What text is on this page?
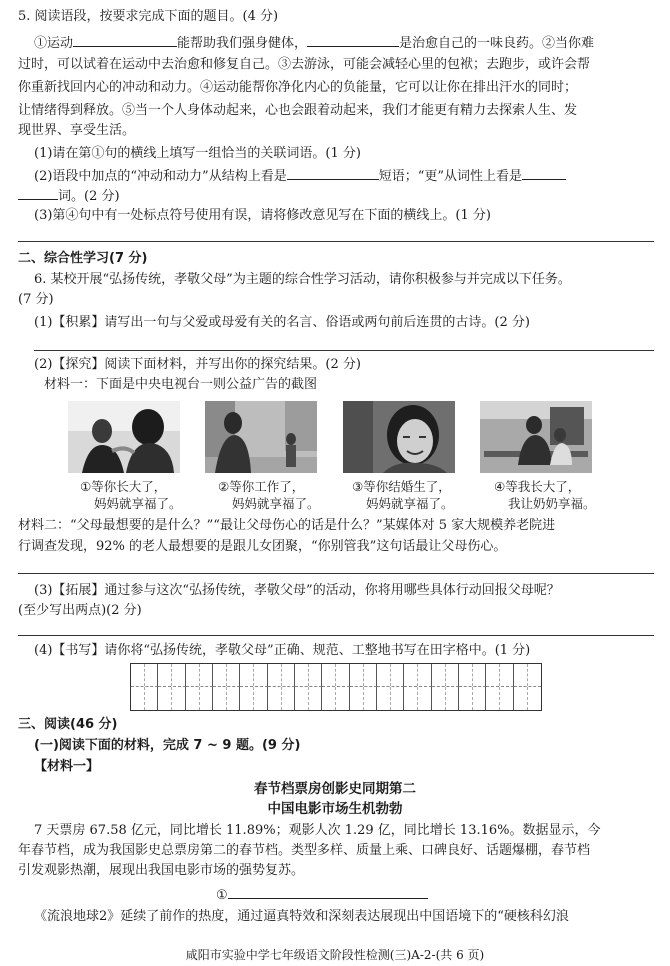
5. 阅读语段，按要求完成下面的题目。(4 分)
①运动	能帮助我们强身健体，	是治愈自己的一味良药。②当你难
过时，可以试着在运动中去治愈和修复自己。③去游泳，可能会减轻心里的包袱；去跑步，或许会帮
你重新找回内心的冲动和动力。④运动能帮你净化内心的负能量，它可以让你在排出汗水的同时；
让情绪得到释放。⑤当一个人身体动起来，心也会跟着动起来，我们才能更有精力去探索人生、发
现世界、享受生活。
(1)请在第①句的横线上填写一组恰当的关联词语。(1 分)
(2)语段中加点的“冲动和动力”从结构上看是	短语；“更”从词性上看是
词。(2 分)
(3)第④句中有一处标点符号使用有误，请将修改意见写在下面的横线上。(1 分)
二、综合性学习(7 分)
6. 某校开展“弘扬传统，孝敬父母”为主题的综合性学习活动，请你积极参与并完成以下任务。
(7 分)
(1)【积累】请写出一句与父爱或母爱有关的名言、俗语或两句前后连贯的古诗。(2 分)
(2)【探究】阅读下面材料，并写出你的探究结果。(2 分)
材料一：下面是中央电视台一则公益广告的截图
①等你长大了，
妈妈就享福了。
②等你工作了，
妈妈就享福了。
③等你结婚生了，
妈妈就享福了。
④等我长大了，
我让奶奶享福。
材料二：“父母最想要的是什么？”“最让父母伤心的话是什么？”某媒体对 5 家大规模养老院进
行调查发现，92% 的老人最想要的是跟儿女团聚，“你别管我”这句话最让父母伤心。
(3)【拓展】通过参与这次“弘扬传统，孝敬父母”的活动，你将用哪些具体行动回报父母呢？
(至少写出两点)(2 分)
(4)【书写】请你将“弘扬传统，孝敬父母”正确、规范、工整地书写在田字格中。(1 分)
三、阅读(46 分)
(一)阅读下面的材料，完成 7 ~ 9 题。(9 分)
【材料一】
春节档票房创影史同期第二
中国电影市场生机勃勃
7 天票房 67.58 亿元，同比增长 11.89%；观影人次 1.29 亿，同比增长 13.16%。数据显示，今
年春节档，成为我国影史总票房第二的春节档。类型多样、质量上乘、口碑良好、话题爆棚，春节档
引发观影热潮，展现出我国电影市场的强势复苏。
①
《流浪地球2》延续了前作的热度，通过逼真特效和深刻表达展现出中国语境下的“硬核科幻浪
咸阳市实验中学七年级语文阶段性检测(三)A-2-(共 6 页)
